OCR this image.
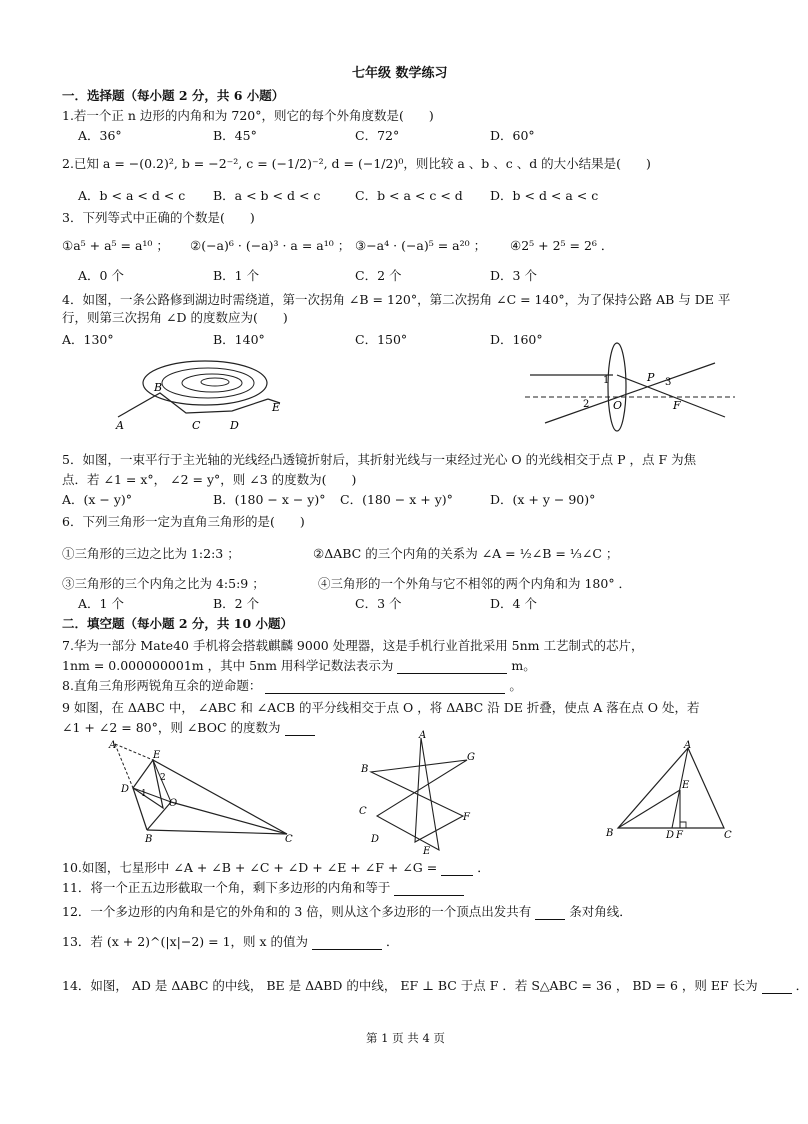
七年级 数学练习
一．选择题（每小题 2 分，共 6 小题）
1.若一个正 n 边形的内角和为 720°，则它的每个外角度数是(　　)
A．36°	B．45°	C．72°	D．60°
2.已知 a = −(0.2)², b = −2⁻², c = (−1/2)⁻², d = (−1/2)⁰，则比较 a 、b 、c 、d 的大小结果是(　　)
A．b < a < d < c B．a < b < d < c	C．b < a < c < d D．b < d < a < c
3．下列等式中正确的个数是(　　)
①a⁵ + a⁵ = a¹⁰ ； ②(−a)⁶ · (−a)³ · a = a¹⁰ ； ③−a⁴ · (−a)⁵ = a²⁰ ； ④2⁵ + 2⁵ = 2⁶ ．
A．0 个	B．1 个	C．2 个	D．3 个
4．如图，一条公路修到湖边时需绕道，第一次拐角 ∠B = 120°，第二次拐角 ∠C = 140°，为了保持公路 AB 与 DE 平
行，则第三次拐角 ∠D 的度数应为(　　)
A．130°	B．140°	C．150°	D．160°
B
A	C	D
E
1	P 3
2 O	F
5．如图，一束平行于主光轴的光线经凸透镜折射后，其折射光线与一束经过光心 O 的光线相交于点 P ，点 F 为焦
点．若 ∠1 = x°， ∠2 = y°，则 ∠3 的度数为(　　)
A．(x − y)°	B．(180 − x − y)° C．(180 − x + y)°	D．(x + y − 90)°
6．下列三角形一定为直角三角形的是(　　)
①三角形的三边之比为 1:2:3 ；	②ΔABC 的三个内角的关系为 ∠A = ½∠B = ⅓∠C ；
③三角形的三个内角之比为 4:5:9 ；	④三角形的一个外角与它不相邻的两个内角和为 180° ．
A．1 个	B．2 个	C．3 个	D．4 个
二．填空题（每小题 2 分，共 10 小题）
7.华为一部分 Mate40 手机将会搭载麒麟 9000 处理器，这是手机行业首批采用 5nm 工艺制式的芯片，
1nm = 0.000000001m ，其中 5nm 用科学记数法表示为	m。
8.直角三角形两锐角互余的逆命题：	。
9 如图，在 ΔABC 中， ∠ABC 和 ∠ACB 的平分线相交于点 O ，将 ΔABC 沿 DE 折叠，使点 A 落在点 O 处，若
∠1 + ∠2 = 80°，则 ∠BOC 的度数为
A
E
2
D 1
O
B	C
A
B
G
C
F
D
E
A
E
B	D F	C
10.如图，七星形中 ∠A + ∠B + ∠C + ∠D + ∠E + ∠F + ∠G =	．
11．将一个正五边形截取一个角，剩下多边形的内角和等于
12．一个多边形的内角和是它的外角和的 3 倍，则从这个多边形的一个顶点出发共有	条对角线．
13．若 (x + 2)^(|x|−2) = 1，则 x 的值为	．
14．如图， AD 是 ΔABC 的中线， BE 是 ΔABD 的中线， EF ⊥ BC 于点 F ．若 S△ABC = 36 ， BD = 6 ，则 EF 长为	．
第 1 页 共 4 页
